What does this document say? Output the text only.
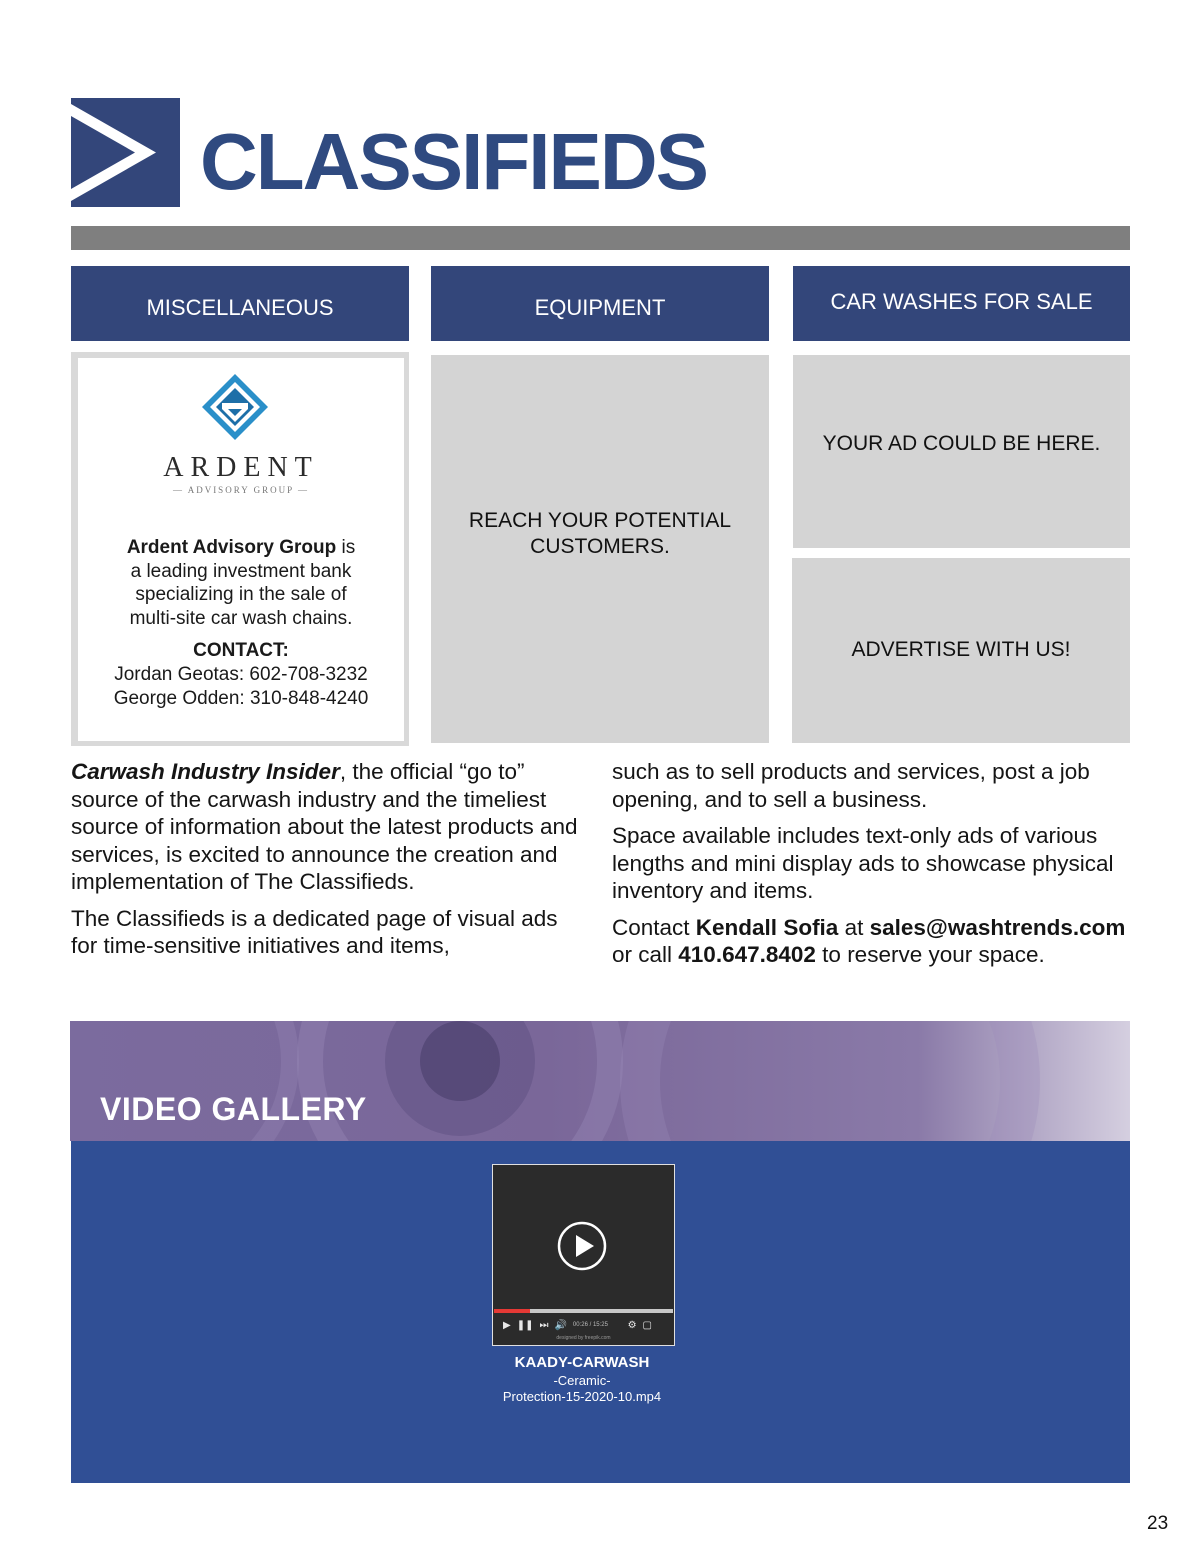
CLASSIFIEDS
MISCELLANEOUS	EQUIPMENT	CAR WASHES FOR SALE
ARDENT
— ADVISORY GROUP —
Ardent Advisory Group is
a leading investment bank
specializing in the sale of
multi-site car wash chains.
CONTACT:
Jordan Geotas: 602-708-3232
George Odden: 310-848-4240
REACH YOUR POTENTIAL
CUSTOMERS.
YOUR AD COULD BE HERE.
ADVERTISE WITH US!

Carwash Industry Insider, the official “go to” source of the carwash industry and the timeliest source of information about the latest products and services, is excited to announce the creation and implementation of The Classifieds.

The Classifieds is a dedicated page of visual ads for time-sensitive initiatives and items,

such as to sell products and services, post a job opening, and to sell a business.

Space available includes text-only ads of various lengths and mini display ads to showcase physical inventory and items.

Contact Kendall Sofia at sales@washtrends.com or call 410.647.8402 to reserve your space.

VIDEO GALLERY
▶ ❚❚ ⏭ 🔊 00:26 / 15:25 ⚙ ▢
designed by freepik.com
KAADY-CARWASH
-Ceramic-
Protection-15-2020-10.mp4
23
